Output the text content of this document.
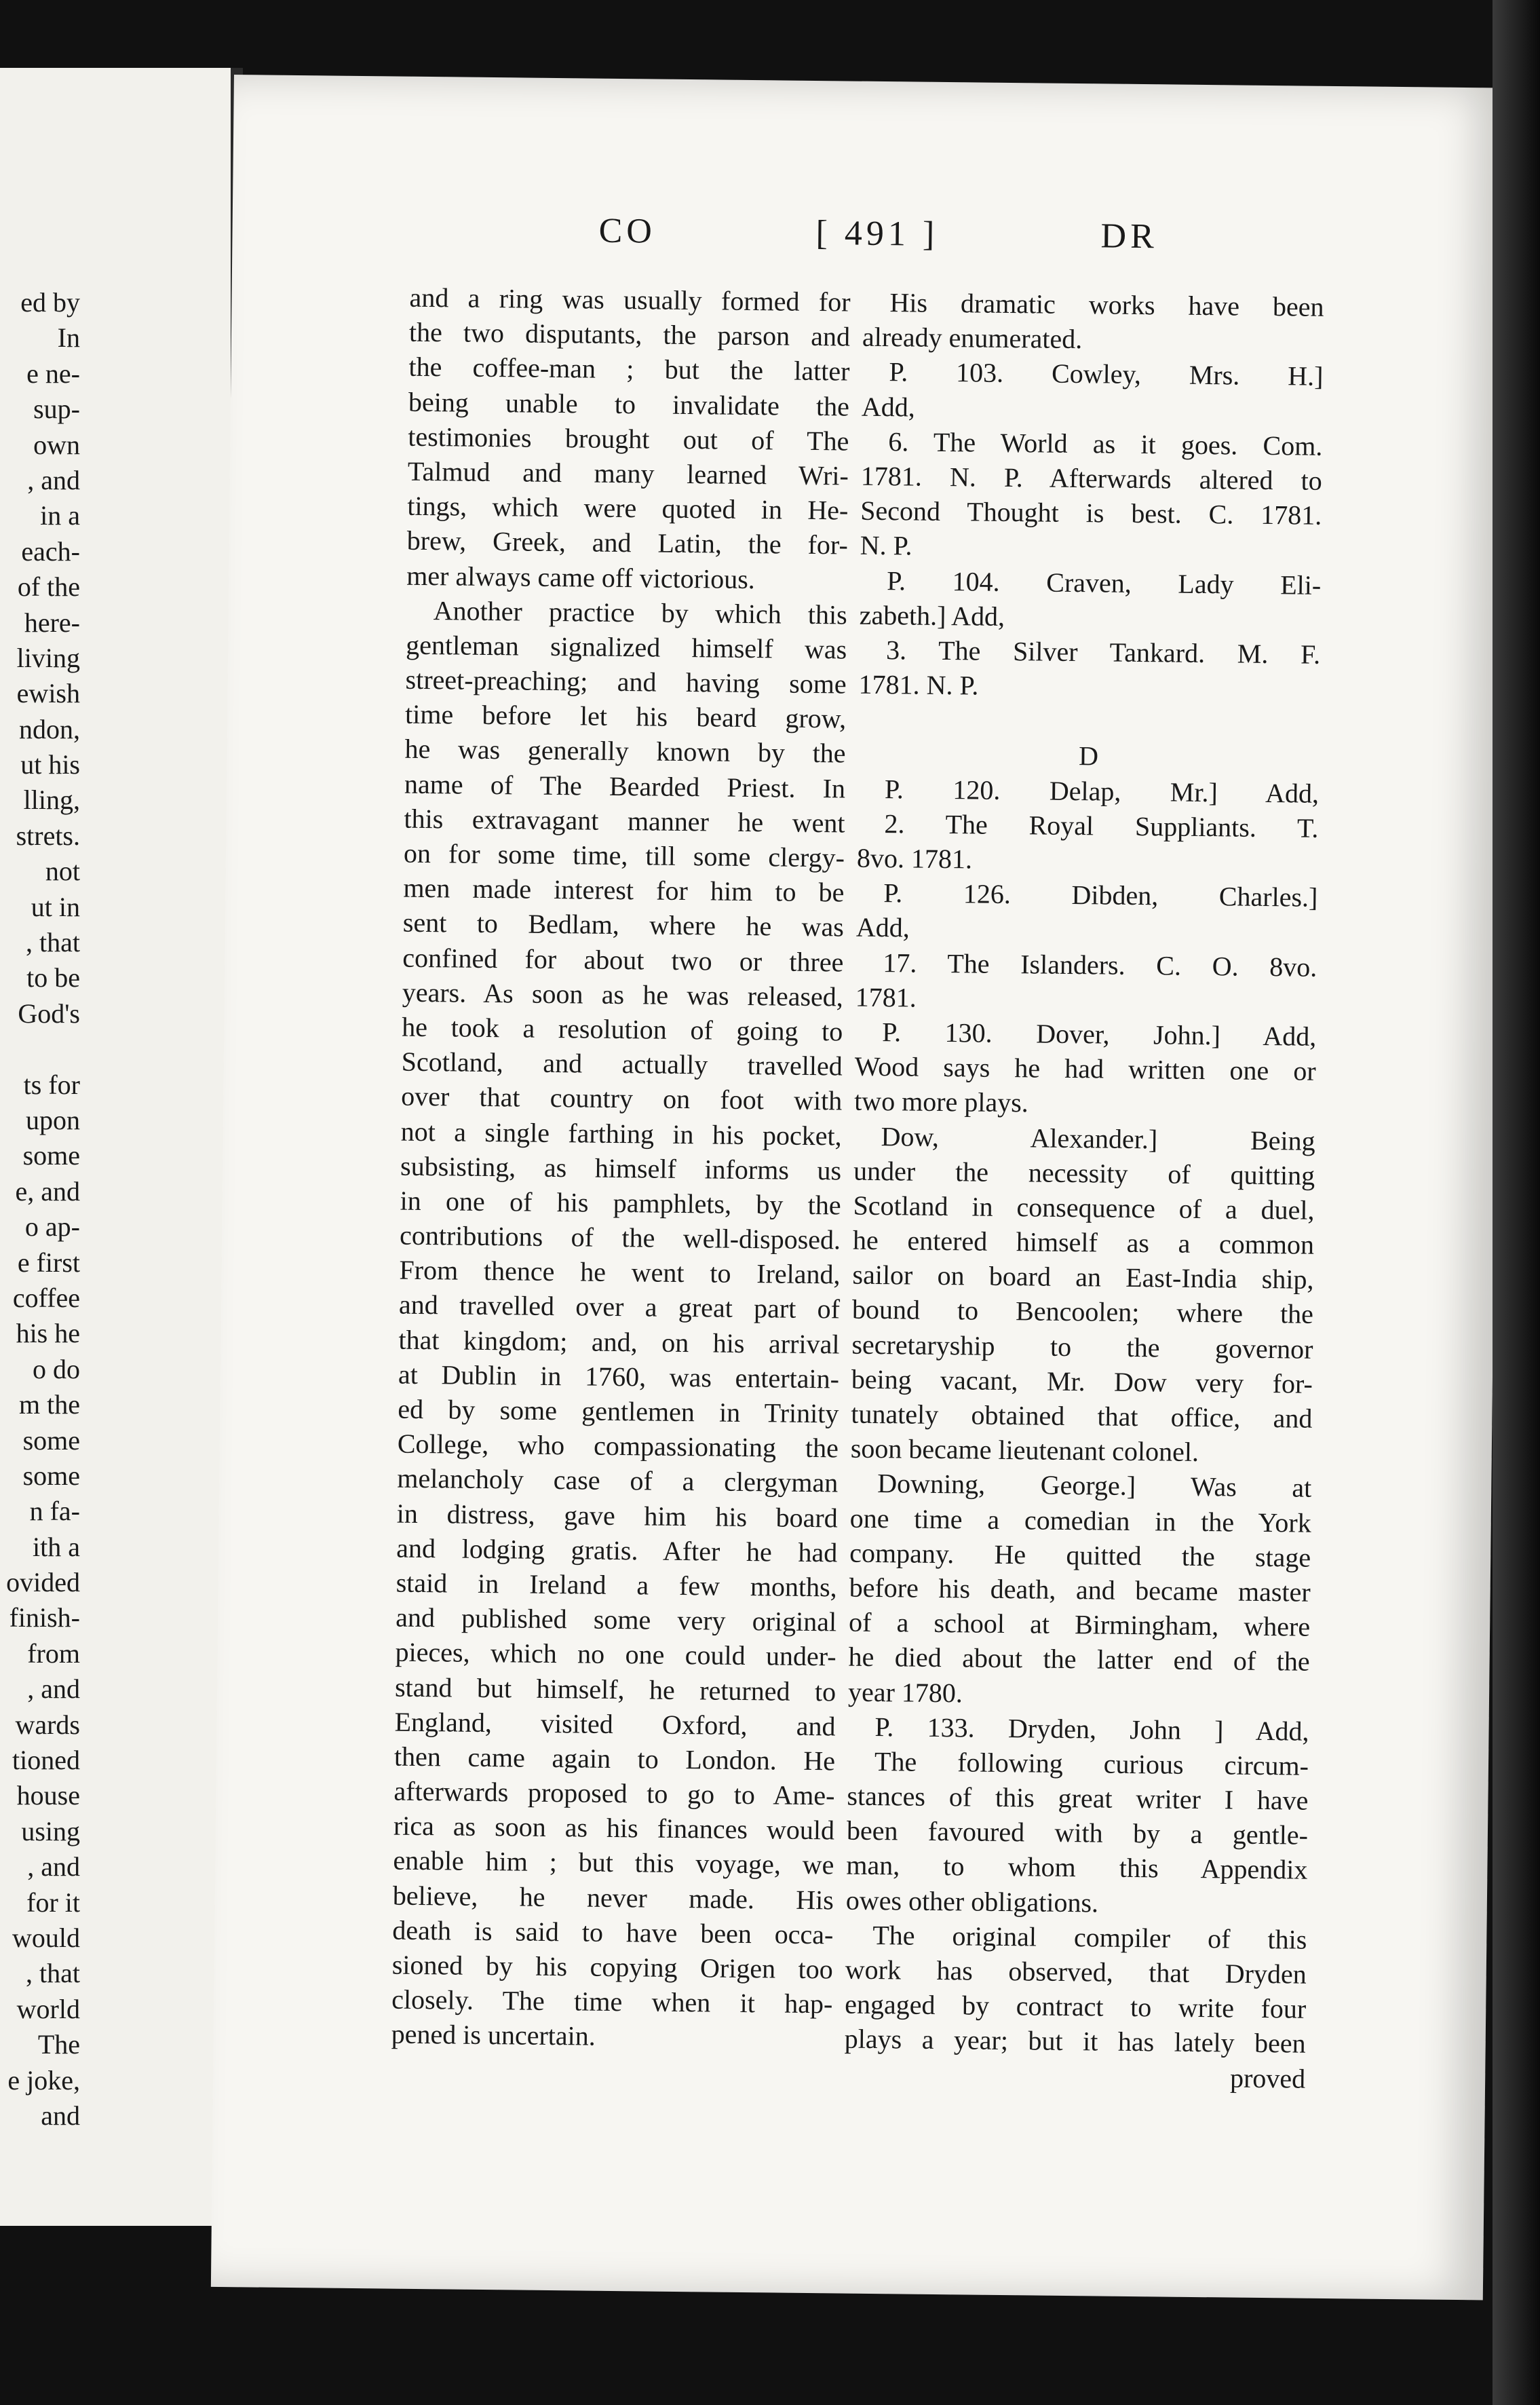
ed by
In
e ne-
sup-
own
, and
in a
each-
of the
here-
living
ewish
ndon,
ut his
lling,
strets.
not
ut in
, that
to be
God's
ts for
upon
some
e, and
o ap-
e first
coffee
his he
o do
m the
some
some
n fa-
ith a
ovided
finish-
from
, and
wards
tioned
house
using
, and
for it
would
, that
world
The
e joke,
and
CO	[ 491 ]	DR
and a ring was usually formed for
the two disputants, the parson and
the coffee-man ; but the latter
being unable to invalidate the
testimonies brought out of The
Talmud and many learned Wri-
tings, which were quoted in He-
brew, Greek, and Latin, the for-
mer always came off victorious.
Another practice by which this
gentleman signalized himself was
street-preaching; and having some
time before let his beard grow,
he was generally known by the
name of The Bearded Priest. In
this extravagant manner he went
on for some time, till some clergy-
men made interest for him to be
sent to Bedlam, where he was
confined for about two or three
years. As soon as he was released,
he took a resolution of going to
Scotland, and actually travelled
over that country on foot with
not a single farthing in his pocket,
subsisting, as himself informs us
in one of his pamphlets, by the
contributions of the well-disposed.
From thence he went to Ireland,
and travelled over a great part of
that kingdom; and, on his arrival
at Dublin in 1760, was entertain-
ed by some gentlemen in Trinity
College, who compassionating the
melancholy case of a clergyman
in distress, gave him his board
and lodging gratis. After he had
staid in Ireland a few months,
and published some very original
pieces, which no one could under-
stand but himself, he returned to
England, visited Oxford, and
then came again to London. He
afterwards proposed to go to Ame-
rica as soon as his finances would
enable him ; but this voyage, we
believe, he never made. His
death is said to have been occa-
sioned by his copying Origen too
closely. The time when it hap-
pened is uncertain.
His dramatic works have been
already enumerated.
P. 103. Cowley, Mrs. H.]
Add,
6. The World as it goes. Com.
1781. N. P. Afterwards altered to
Second Thought is best. C. 1781.
N. P.
P. 104. Craven, Lady Eli-
zabeth.] Add,
3. The Silver Tankard. M. F.
1781. N. P.
D
P. 120. Delap, Mr.] Add,
2. The Royal Suppliants. T.
8vo. 1781.
P. 126. Dibden, Charles.]
Add,
17. The Islanders. C. O. 8vo.
1781.
P. 130. Dover, John.] Add,
Wood says he had written one or
two more plays.
Dow, Alexander.] Being
under the necessity of quitting
Scotland in consequence of a duel,
he entered himself as a common
sailor on board an East-India ship,
bound to Bencoolen; where the
secretaryship to the governor
being vacant, Mr. Dow very for-
tunately obtained that office, and
soon became lieutenant colonel.
Downing, George.] Was at
one time a comedian in the York
company. He quitted the stage
before his death, and became master
of a school at Birmingham, where
he died about the latter end of the
year 1780.
P. 133. Dryden, John ] Add,
The following curious circum-
stances of this great writer I have
been favoured with by a gentle-
man, to whom this Appendix
owes other obligations.
The original compiler of this
work has observed, that Dryden
engaged by contract to write four
plays a year; but it has lately been
proved
